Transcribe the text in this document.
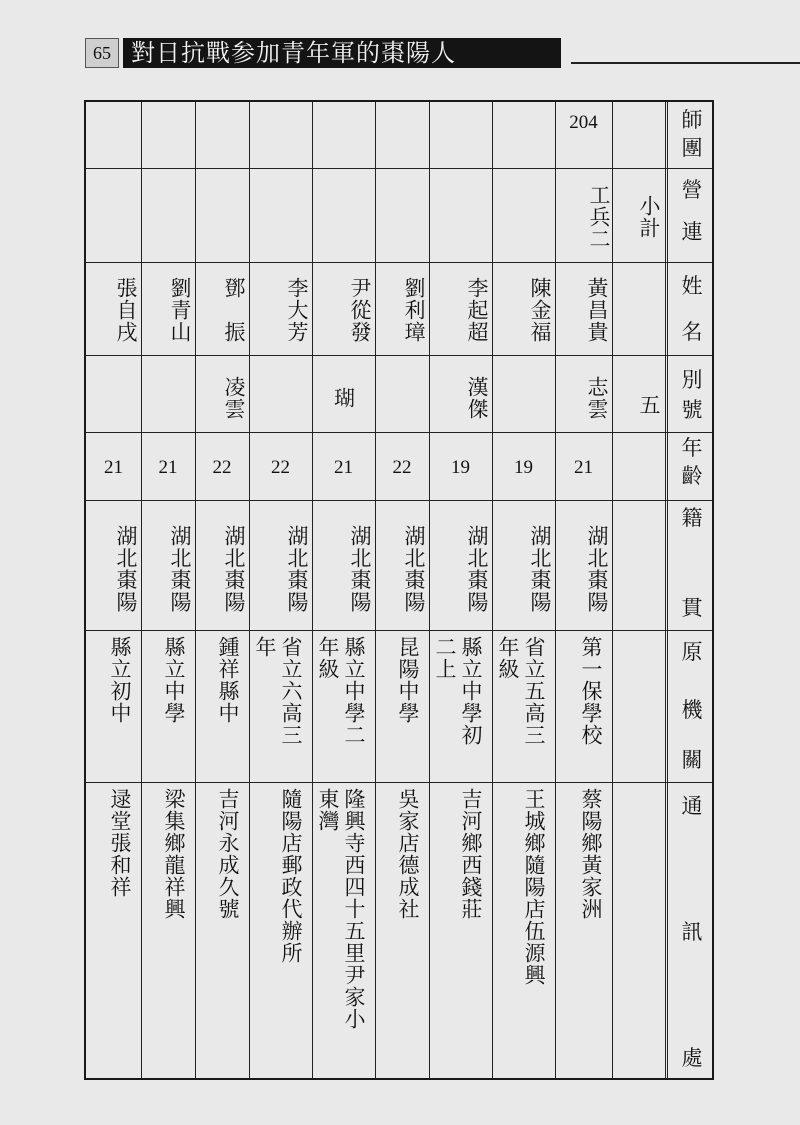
65 對日抗戰参加青年軍的棗陽人
師
團
營
連
姓
名
別
號
年
齡
籍
貫
原
機
關
通
訊
處
小計
五
204
工兵二
黃昌貴
志雲
21
湖北棗陽
第一保學校
蔡陽鄉黃家洲
陳金福
19
湖北棗陽
省立五高三
年級
王城鄉隨陽店伍源興
李起超
漢傑
19
湖北棗陽
縣立中學初
二上
吉河鄉西錢莊
劉利璋
22
湖北棗陽
昆陽中學
吳家店德成社
尹從發
瑚
21
湖北棗陽
縣立中學二
年級
隆興寺西四十五里尹家小
東灣
李大芳
22
湖北棗陽
省立六高三
年
隨陽店郵政代辦所
鄧　振
凌雲
22
湖北棗陽
鍾祥縣中
吉河永成久號
劉青山
21
湖北棗陽
縣立中學
梁集鄉龍祥興
張自戌
21
湖北棗陽
縣立初中
逯堂張和祥
